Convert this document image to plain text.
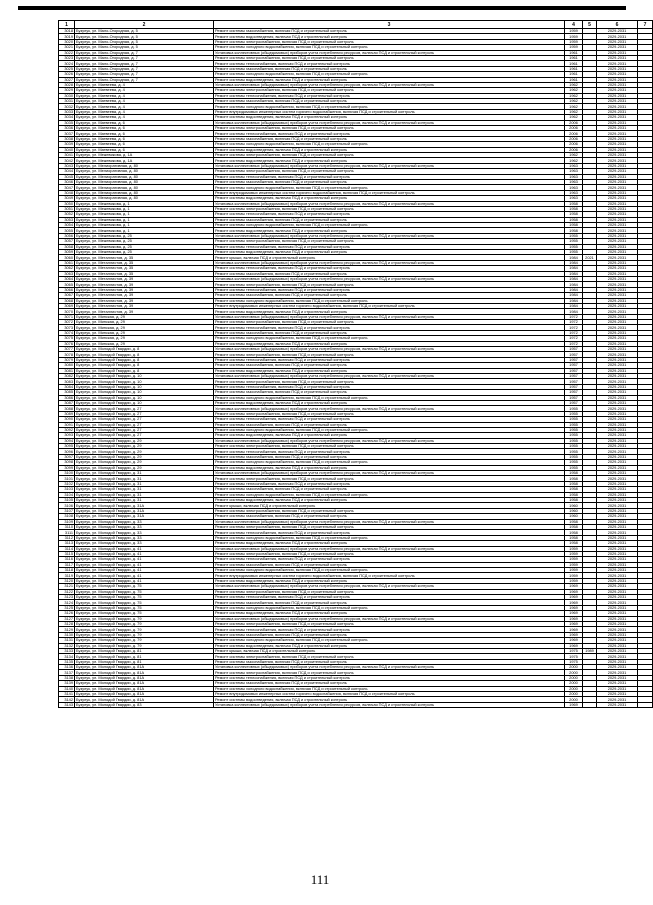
1	2	3	4	5	6	7
3018	Бузулук, ул. Мало-Огородная, д. 5	Ремонт системы газоснабжения, включая ПСД и строительный контроль	1959		2029-2031	
3019	Бузулук, ул. Мало-Огородная, д. 5	Ремонт системы водоотведения, включая ПСД и строительный контроль	1959		2029-2031	
3020	Бузулук, ул. Мало-Огородная, д. 5	Ремонт системы электроснабжения, включая ПСД и строительный контроль	1959		2029-2031	
3021	Бузулук, ул. Мало-Огородная, д. 5	Ремонт системы холодного водоснабжения, включая ПСД и строительный контроль	1959		2029-2031	
3022	Бузулук, ул. Мало-Огородная, д. 7	Установка коллективных (общедомовых) приборов учета потребления ресурсов, включая ПСД и строительный контроль	1961		2029-2031	
3023	Бузулук, ул. Мало-Огородная, д. 7	Ремонт системы электроснабжения, включая ПСД и строительный контроль	1961		2029-2031	
3024	Бузулук, ул. Мало-Огородная, д. 7	Ремонт системы теплоснабжения, включая ПСД и строительный контроль	1961		2029-2031	
3025	Бузулук, ул. Мало-Огородная, д. 7	Ремонт системы газоснабжения, включая ПСД и строительный контроль	1961		2029-2031	
3026	Бузулук, ул. Мало-Огородная, д. 7	Ремонт системы холодного водоснабжения, включая ПСД и строительный контроль	1961		2029-2031	
3027	Бузулук, ул. Мало-Огородная, д. 7	Ремонт системы водоотведения, включая ПСД и строительный контроль	1961		2029-2031	
3028	Бузулук, ул. Матвеева, д. 4	Установка коллективных (общедомовых) приборов учета потребления ресурсов, включая ПСД и строительный контроль	1962		2029-2031	
3029	Бузулук, ул. Матвеева, д. 4	Ремонт системы электроснабжения, включая ПСД и строительный контроль	1962		2029-2031	
3030	Бузулук, ул. Матвеева, д. 4	Ремонт системы теплоснабжения, включая ПСД и строительный контроль	1962		2029-2031	
3031	Бузулук, ул. Матвеева, д. 4	Ремонт системы газоснабжения, включая ПСД и строительный контроль	1962		2029-2031	
3032	Бузулук, ул. Матвеева, д. 4	Ремонт системы холодного водоснабжения, включая ПСД и строительный контроль	1962		2029-2031	
3033	Бузулук, ул. Матвеева, д. 4	Ремонт внутридомовых инженерных систем горячего водоснабжения, включая ПСД и строительный контроль	1962		2029-2031	
3034	Бузулук, ул. Матвеева, д. 4	Ремонт системы водоотведения, включая ПСД и строительный контроль	1962		2029-2031	
3035	Бузулук, ул. Матвеева, д. 6	Установка коллективных (общедомовых) приборов учета потребления ресурсов, включая ПСД и строительный контроль	2006		2029-2031	
3036	Бузулук, ул. Матвеева, д. 6	Ремонт системы электроснабжения, включая ПСД и строительный контроль	2006		2029-2031	
3037	Бузулук, ул. Матвеева, д. 6	Ремонт системы теплоснабжения, включая ПСД и строительный контроль	2006		2029-2031	
3038	Бузулук, ул. Матвеева, д. 6	Ремонт системы газоснабжения, включая ПСД и строительный контроль	2006		2029-2031	
3039	Бузулук, ул. Матвеева, д. 6	Ремонт системы холодного водоснабжения, включая ПСД и строительный контроль	2006		2029-2031	
3040	Бузулук, ул. Матвеева, д. 6	Ремонт системы водоотведения, включая ПСД и строительный контроль	2006		2029-2031	
3041	Бузулук, ул. Межевикова, д. 1А	Ремонт системы электроснабжения, включая ПСД и строительный контроль	1962		2029-2031	
3042	Бузулук, ул. Межевикова, д. 1А	Ремонт системы водоотведения, включая ПСД и строительный контроль	1962		2029-2031	
3043	Бузулук, ул. Мелиоративная, д. 80	Установка коллективных (общедомовых) приборов учета потребления ресурсов, включая ПСД и строительный контроль	1963		2029-2031	
3044	Бузулук, ул. Мелиоративная, д. 80	Ремонт системы электроснабжения, включая ПСД и строительный контроль	1963		2029-2031	
3045	Бузулук, ул. Мелиоративная, д. 80	Ремонт системы теплоснабжения, включая ПСД и строительный контроль	1963		2029-2031	
3046	Бузулук, ул. Мелиоративная, д. 80	Ремонт системы газоснабжения, включая ПСД и строительный контроль	1963		2029-2031	
3047	Бузулук, ул. Мелиоративная, д. 80	Ремонт системы холодного водоснабжения, включая ПСД и строительный контроль	1963		2029-2031	
3048	Бузулук, ул. Мелиоративная, д. 80	Ремонт внутридомовых инженерных систем горячего водоснабжения, включая ПСД и строительный контроль	1963		2029-2031	
3049	Бузулук, ул. Мелиоративная, д. 80	Ремонт системы водоотведения, включая ПСД и строительный контроль	1963		2029-2031	
3050	Бузулук, ул. Межевикова, д. 1	Установка коллективных (общедомовых) приборов учета потребления ресурсов, включая ПСД и строительный контроль	1958		2029-2031	
3051	Бузулук, ул. Межевикова, д. 1	Ремонт системы электроснабжения, включая ПСД и строительный контроль	1958		2029-2031	
3052	Бузулук, ул. Межевикова, д. 1	Ремонт системы теплоснабжения, включая ПСД и строительный контроль	1958		2029-2031	
3053	Бузулук, ул. Межевикова, д. 1	Ремонт системы газоснабжения, включая ПСД и строительный контроль	1958		2029-2031	
3054	Бузулук, ул. Межевикова, д. 1	Ремонт системы холодного водоснабжения, включая ПСД и строительный контроль	1958		2029-2031	
3055	Бузулук, ул. Межевикова, д. 1	Ремонт системы водоотведения, включая ПСД и строительный контроль	1958		2029-2031	
3056	Бузулук, ул. Межевикова, д. 25	Установка коллективных (общедомовых) приборов учета потребления ресурсов, включая ПСД и строительный контроль	1955		2029-2031	
3057	Бузулук, ул. Межевикова, д. 25	Ремонт системы электроснабжения, включая ПСД и строительный контроль	1955		2029-2031	
3058	Бузулук, ул. Межевикова, д. 25	Ремонт системы теплоснабжения, включая ПСД и строительный контроль	1955		2029-2031	
3059	Бузулук, ул. Межевикова, д. 25	Ремонт системы водоотведения, включая ПСД и строительный контроль	1955		2029-2031	
3060	Бузулук, ул. Металлистов, д. 35	Ремонт крыши, включая ПСД и строительный контроль	1984	2021	2029-2031	
3061	Бузулук, ул. Металлистов, д. 35	Установка коллективных (общедомовых) приборов учета потребления ресурсов, включая ПСД и строительный контроль	1984		2029-2031	
3062	Бузулук, ул. Металлистов, д. 35	Ремонт системы теплоснабжения, включая ПСД и строительный контроль	1984		2029-2031	
3063	Бузулук, ул. Металлистов, д. 35	Ремонт системы газоснабжения, включая ПСД и строительный контроль	1984		2029-2031	
3064	Бузулук, ул. Металлистов, д. 39	Установка коллективных (общедомовых) приборов учета потребления ресурсов, включая ПСД и строительный контроль	1984		2029-2031	
3065	Бузулук, ул. Металлистов, д. 39	Ремонт системы электроснабжения, включая ПСД и строительный контроль	1984		2029-2031	
3066	Бузулук, ул. Металлистов, д. 39	Ремонт системы теплоснабжения, включая ПСД и строительный контроль	1984		2029-2031	
3067	Бузулук, ул. Металлистов, д. 39	Ремонт системы газоснабжения, включая ПСД и строительный контроль	1984		2029-2031	
3068	Бузулук, ул. Металлистов, д. 39	Ремонт системы холодного водоснабжения, включая ПСД и строительный контроль	1984		2029-2031	
3069	Бузулук, ул. Металлистов, д. 39	Ремонт внутридомовых инженерных систем горячего водоснабжения, включая ПСД и строительный контроль	1984		2029-2031	
3070	Бузулук, ул. Металлистов, д. 39	Ремонт системы водоотведения, включая ПСД и строительный контроль	1984		2029-2031	
3071	Бузулук, ул. Минская, д. 29	Установка коллективных (общедомовых) приборов учета потребления ресурсов, включая ПСД и строительный контроль	1972		2029-2031	
3072	Бузулук, ул. Минская, д. 29	Ремонт системы электроснабжения, включая ПСД и строительный контроль	1972		2029-2031	
3073	Бузулук, ул. Минская, д. 29	Ремонт системы теплоснабжения, включая ПСД и строительный контроль	1972		2029-2031	
3074	Бузулук, ул. Минская, д. 29	Ремонт системы газоснабжения, включая ПСД и строительный контроль	1972		2029-2031	
3075	Бузулук, ул. Минская, д. 29	Ремонт системы холодного водоснабжения, включая ПСД и строительный контроль	1972		2029-2031	
3076	Бузулук, ул. Минская, д. 29	Ремонт системы водоотведения, включая ПСД и строительный контроль	1972		2029-2031	
3077	Бузулук, ул. Молодой Гвардии, д. 8	Установка коллективных (общедомовых) приборов учета потребления ресурсов, включая ПСД и строительный контроль	1957		2029-2031	
3078	Бузулук, ул. Молодой Гвардии, д. 8	Ремонт системы электроснабжения, включая ПСД и строительный контроль	1957		2029-2031	
3079	Бузулук, ул. Молодой Гвардии, д. 8	Ремонт системы теплоснабжения, включая ПСД и строительный контроль	1957		2029-2031	
3080	Бузулук, ул. Молодой Гвардии, д. 8	Ремонт системы газоснабжения, включая ПСД и строительный контроль	1957		2029-2031	
3081	Бузулук, ул. Молодой Гвардии, д. 8	Ремонт системы водоотведения, включая ПСД и строительный контроль	1957		2029-2031	
3082	Бузулук, ул. Молодой Гвардии, д. 10	Установка коллективных (общедомовых) приборов учета потребления ресурсов, включая ПСД и строительный контроль	1957		2029-2031	
3083	Бузулук, ул. Молодой Гвардии, д. 10	Ремонт системы электроснабжения, включая ПСД и строительный контроль	1957		2029-2031	
3084	Бузулук, ул. Молодой Гвардии, д. 10	Ремонт системы теплоснабжения, включая ПСД и строительный контроль	1957		2029-2031	
3085	Бузулук, ул. Молодой Гвардии, д. 10	Ремонт системы газоснабжения, включая ПСД и строительный контроль	1957		2029-2031	
3086	Бузулук, ул. Молодой Гвардии, д. 10	Ремонт системы холодного водоснабжения, включая ПСД и строительный контроль	1957		2029-2031	
3087	Бузулук, ул. Молодой Гвардии, д. 10	Ремонт системы водоотведения, включая ПСД и строительный контроль	1957		2029-2031	
3088	Бузулук, ул. Молодой Гвардии, д. 27	Установка коллективных (общедомовых) приборов учета потребления ресурсов, включая ПСД и строительный контроль	1955		2029-2031	
3089	Бузулук, ул. Молодой Гвардии, д. 27	Ремонт системы электроснабжения, включая ПСД и строительный контроль	1955		2029-2031	
3090	Бузулук, ул. Молодой Гвардии, д. 27	Ремонт системы теплоснабжения, включая ПСД и строительный контроль	1955		2029-2031	
3091	Бузулук, ул. Молодой Гвардии, д. 27	Ремонт системы газоснабжения, включая ПСД и строительный контроль	1955		2029-2031	
3092	Бузулук, ул. Молодой Гвардии, д. 27	Ремонт системы холодного водоснабжения, включая ПСД и строительный контроль	1955		2029-2031	
3093	Бузулук, ул. Молодой Гвардии, д. 27	Ремонт системы водоотведения, включая ПСД и строительный контроль	1955		2029-2031	
3094	Бузулук, ул. Молодой Гвардии, д. 29	Установка коллективных (общедомовых) приборов учета потребления ресурсов, включая ПСД и строительный контроль	1955		2029-2031	
3095	Бузулук, ул. Молодой Гвардии, д. 29	Ремонт системы электроснабжения, включая ПСД и строительный контроль	1955		2029-2031	
3096	Бузулук, ул. Молодой Гвардии, д. 29	Ремонт системы теплоснабжения, включая ПСД и строительный контроль	1955		2029-2031	
3097	Бузулук, ул. Молодой Гвардии, д. 29	Ремонт системы газоснабжения, включая ПСД и строительный контроль	1955		2029-2031	
3098	Бузулук, ул. Молодой Гвардии, д. 29	Ремонт системы холодного водоснабжения, включая ПСД и строительный контроль	1955		2029-2031	
3099	Бузулук, ул. Молодой Гвардии, д. 29	Ремонт системы водоотведения, включая ПСД и строительный контроль	1955		2029-2031	
3100	Бузулук, ул. Молодой Гвардии, д. 31	Установка коллективных (общедомовых) приборов учета потребления ресурсов, включая ПСД и строительный контроль	1958		2029-2031	
3101	Бузулук, ул. Молодой Гвардии, д. 31	Ремонт системы электроснабжения, включая ПСД и строительный контроль	1958		2029-2031	
3102	Бузулук, ул. Молодой Гвардии, д. 31	Ремонт системы теплоснабжения, включая ПСД и строительный контроль	1958		2029-2031	
3103	Бузулук, ул. Молодой Гвардии, д. 31	Ремонт системы газоснабжения, включая ПСД и строительный контроль	1958		2029-2031	
3104	Бузулук, ул. Молодой Гвардии, д. 31	Ремонт системы холодного водоснабжения, включая ПСД и строительный контроль	1958		2029-2031	
3105	Бузулук, ул. Молодой Гвардии, д. 31	Ремонт системы водоотведения, включая ПСД и строительный контроль	1958		2029-2031	
3106	Бузулук, ул. Молодой Гвардии, д. 31А	Ремонт крыши, включая ПСД и строительный контроль	1960		2029-2031	
3107	Бузулук, ул. Молодой Гвардии, д. 31А	Ремонт системы электроснабжения, включая ПСД и строительный контроль	1960		2029-2031	
3108	Бузулук, ул. Молодой Гвардии, д. 31А	Ремонт системы газоснабжения, включая ПСД и строительный контроль	1960		2029-2031	
3109	Бузулук, ул. Молодой Гвардии, д. 33	Установка коллективных (общедомовых) приборов учета потребления ресурсов, включая ПСД и строительный контроль	1958		2029-2031	
3110	Бузулук, ул. Молодой Гвардии, д. 33	Ремонт системы электроснабжения, включая ПСД и строительный контроль	1958		2029-2031	
3111	Бузулук, ул. Молодой Гвардии, д. 33	Ремонт системы теплоснабжения, включая ПСД и строительный контроль	1958		2029-2031	
3112	Бузулук, ул. Молодой Гвардии, д. 33	Ремонт системы холодного водоснабжения, включая ПСД и строительный контроль	1958		2029-2031	
3113	Бузулук, ул. Молодой Гвардии, д. 33	Ремонт системы водоотведения, включая ПСД и строительный контроль	1958		2029-2031	
3114	Бузулук, ул. Молодой Гвардии, д. 41	Установка коллективных (общедомовых) приборов учета потребления ресурсов, включая ПСД и строительный контроль	1959		2029-2031	
3115	Бузулук, ул. Молодой Гвардии, д. 41	Ремонт системы электроснабжения, включая ПСД и строительный контроль	1959		2029-2031	
3116	Бузулук, ул. Молодой Гвардии, д. 41	Ремонт системы теплоснабжения, включая ПСД и строительный контроль	1959		2029-2031	
3117	Бузулук, ул. Молодой Гвардии, д. 41	Ремонт системы газоснабжения, включая ПСД и строительный контроль	1959		2029-2031	
3118	Бузулук, ул. Молодой Гвардии, д. 41	Ремонт системы холодного водоснабжения, включая ПСД и строительный контроль	1959		2029-2031	
3119	Бузулук, ул. Молодой Гвардии, д. 41	Ремонт внутридомовых инженерных систем горячего водоснабжения, включая ПСД и строительный контроль	1959		2029-2031	
3120	Бузулук, ул. Молодой Гвардии, д. 41	Ремонт системы водоотведения, включая ПСД и строительный контроль	1959		2029-2031	
3121	Бузулук, ул. Молодой Гвардии, д. 75	Установка коллективных (общедомовых) приборов учета потребления ресурсов, включая ПСД и строительный контроль	1969		2029-2031	
3122	Бузулук, ул. Молодой Гвардии, д. 75	Ремонт системы электроснабжения, включая ПСД и строительный контроль	1969		2029-2031	
3123	Бузулук, ул. Молодой Гвардии, д. 75	Ремонт системы теплоснабжения, включая ПСД и строительный контроль	1969		2029-2031	
3124	Бузулук, ул. Молодой Гвардии, д. 75	Ремонт системы газоснабжения, включая ПСД и строительный контроль	1969		2029-2031	
3125	Бузулук, ул. Молодой Гвардии, д. 75	Ремонт системы холодного водоснабжения, включая ПСД и строительный контроль	1969		2029-2031	
3126	Бузулук, ул. Молодой Гвардии, д. 75	Ремонт системы водоотведения, включая ПСД и строительный контроль	1969		2029-2031	
3127	Бузулук, ул. Молодой Гвардии, д. 79	Установка коллективных (общедомовых) приборов учета потребления ресурсов, включая ПСД и строительный контроль	1969		2029-2031	
3128	Бузулук, ул. Молодой Гвардии, д. 79	Ремонт системы электроснабжения, включая ПСД и строительный контроль	1969		2029-2031	
3129	Бузулук, ул. Молодой Гвардии, д. 79	Ремонт системы теплоснабжения, включая ПСД и строительный контроль	1969		2029-2031	
3130	Бузулук, ул. Молодой Гвардии, д. 79	Ремонт системы газоснабжения, включая ПСД и строительный контроль	1969		2029-2031	
3131	Бузулук, ул. Молодой Гвардии, д. 79	Ремонт системы холодного водоснабжения, включая ПСД и строительный контроль	1969		2029-2031	
3132	Бузулук, ул. Молодой Гвардии, д. 79	Ремонт системы водоотведения, включая ПСД и строительный контроль	1969		2029-2031	
3133	Бузулук, ул. Молодой Гвардии, д. 81	Ремонт крыши, включая ПСД и строительный контроль	1975	1989	2029-2031	
3134	Бузулук, ул. Молодой Гвардии, д. 81	Ремонт системы электроснабжения, включая ПСД и строительный контроль	1975		2029-2031	
3135	Бузулук, ул. Молодой Гвардии, д. 81	Ремонт системы газоснабжения, включая ПСД и строительный контроль	1975		2029-2031	
3136	Бузулук, ул. Молодой Гвардии, д. 81А	Установка коллективных (общедомовых) приборов учета потребления ресурсов, включая ПСД и строительный контроль	2000		2029-2031	
3137	Бузулук, ул. Молодой Гвардии, д. 81А	Ремонт системы электроснабжения, включая ПСД и строительный контроль	2000		2029-2031	
3138	Бузулук, ул. Молодой Гвардии, д. 81А	Ремонт системы теплоснабжения, включая ПСД и строительный контроль	2000		2029-2031	
3139	Бузулук, ул. Молодой Гвардии, д. 81А	Ремонт системы газоснабжения, включая ПСД и строительный контроль	2000		2029-2031	
3140	Бузулук, ул. Молодой Гвардии, д. 81А	Ремонт системы холодного водоснабжения, включая ПСД и строительный контроль	2000		2029-2031	
3141	Бузулук, ул. Молодой Гвардии, д. 81А	Ремонт внутридомовых инженерных систем горячего водоснабжения, включая ПСД и строительный контроль	2000		2029-2031	
3142	Бузулук, ул. Молодой Гвардии, д. 81А	Ремонт системы водоотведения, включая ПСД и строительный контроль	2000		2029-2031	
3143	Бузулук, ул. Молодой Гвардии, д. 83	Установка коллективных (общедомовых) приборов учета потребления ресурсов, включая ПСД и строительный контроль	1969		2029-2031	
111
